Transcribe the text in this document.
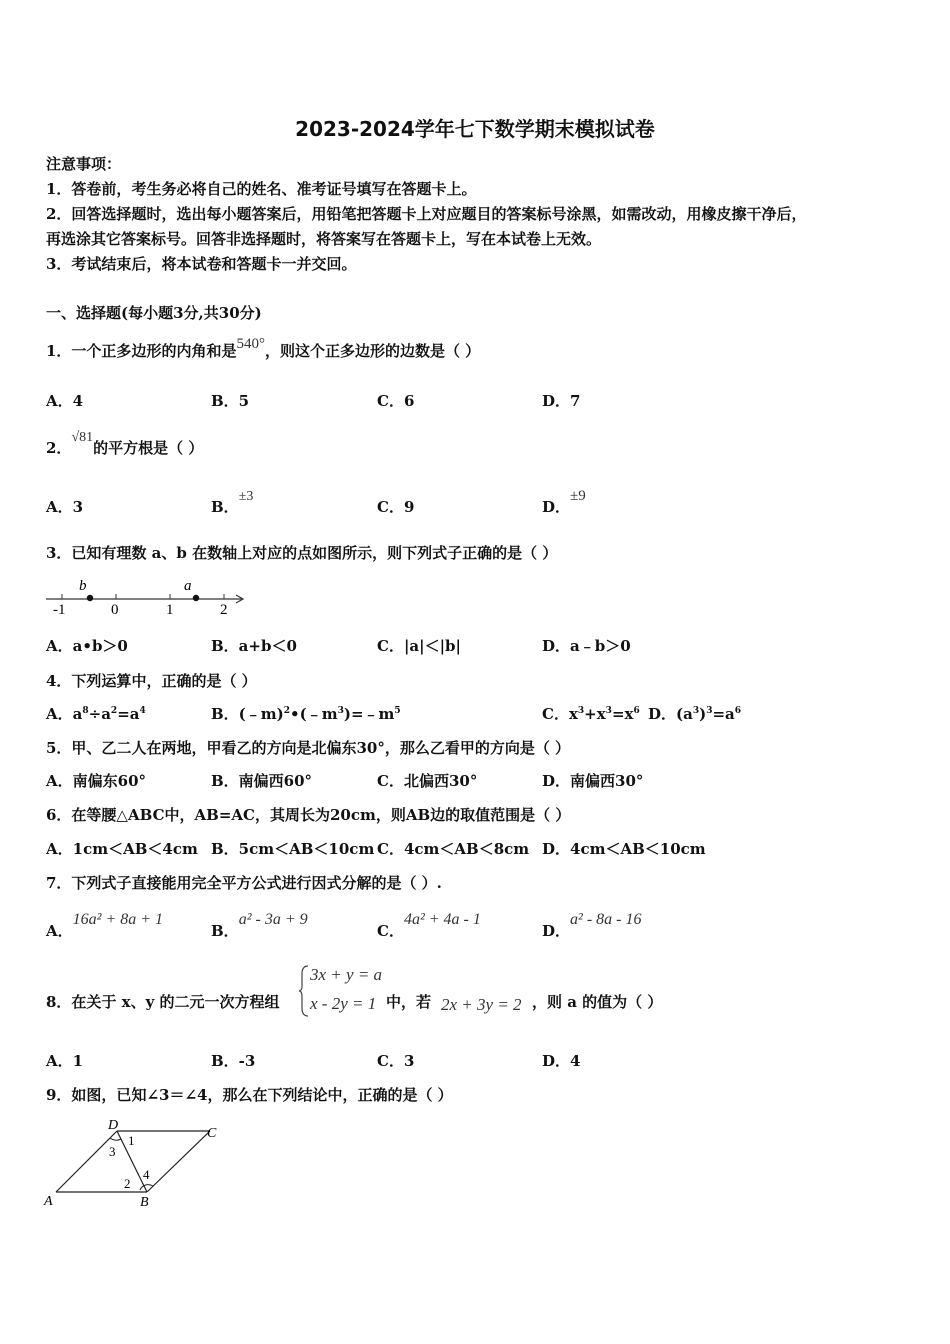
2023-2024学年七下数学期末模拟试卷
注意事项：
1．答卷前，考生务必将自己的姓名、准考证号填写在答题卡上。
2．回答选择题时，选出每小题答案后，用铅笔把答题卡上对应题目的答案标号涂黑，如需改动，用橡皮擦干净后，
再选涂其它答案标号。回答非选择题时，将答案写在答题卡上，写在本试卷上无效。
3．考试结束后，将本试卷和答题卡一并交回。
一、选择题(每小题3分,共30分)
1．一个正多边形的内角和是540°，则这个正多边形的边数是（ ）
A．4	B．5	C．6	D．7
2．√81的平方根是（ ）
A．3	B．±3
C．9	D．±9
3．已知有理数 a、b 在数轴上对应的点如图所示，则下列式子正确的是（ ）
-1	0	1	2
b	a
A．a•b＞0	B．a+b＜0	C．|a|＜|b|	D．a﹣b＞0
4．下列运算中，正确的是（ ）
A．$a^8\div a^2=a^4$	B．$(﹣m)^2•(﹣m^3)=﹣m^5$	C．$x^3+x^3=x^6$ D．$(a^3)^3=a^6$
5．甲、乙二人在两地，甲看乙的方向是北偏东30°，那么乙看甲的方向是（ ）
A．南偏东60°	B．南偏西60°	C．北偏西30°	D．南偏西30°
6．在等腰△ABC中，AB=AC，其周长为20cm，则AB边的取值范围是（ ）
A．1cm＜AB＜4cm B．5cm＜AB＜10cm C．4cm＜AB＜8cm D．4cm＜AB＜10cm
7．下列式子直接能用完全平方公式进行因式分解的是（ ）.
A．16a² + 8a + 1
B．a² - 3a + 9
C．4a² + 4a - 1
D．a² - 8a - 16
8．在关于 x、y 的二元一次方程组
3x + y = a
x - 2y = 1 中，若 2x + 3y = 2 ，则 a 的值为（ ）
A．1	B．-3	C．3	D．4
9．如图，已知∠3＝∠4，那么在下列结论中，正确的是（ ）
D
C
A	B
1
3
2
4
